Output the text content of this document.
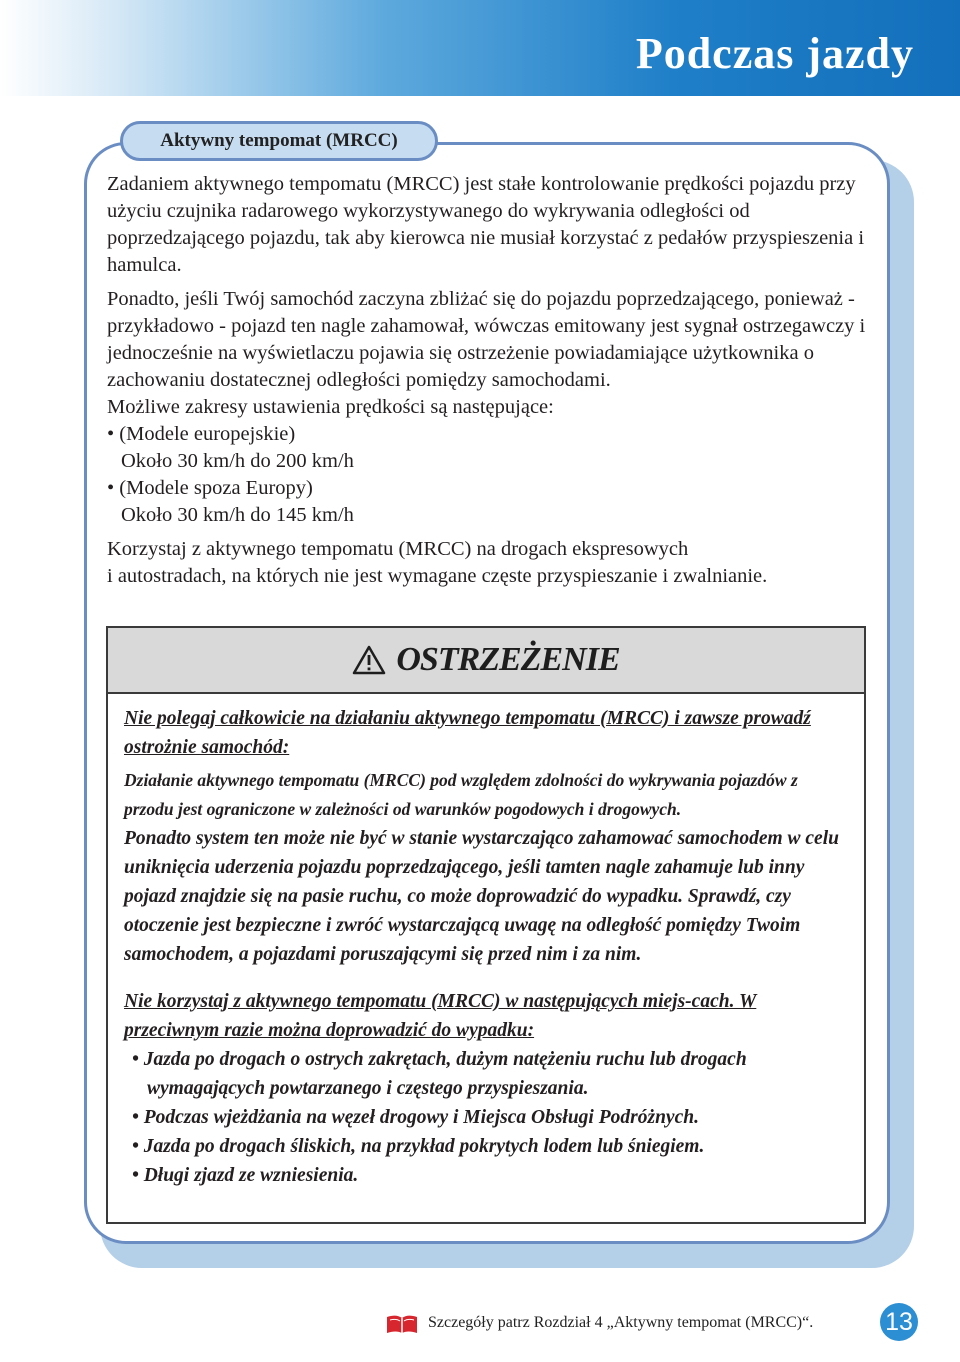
Podczas jazdy
Aktywny tempomat (MRCC)

Zadaniem aktywnego tempomatu (MRCC) jest stałe kontrolowanie prędkości pojazdu przy użyciu czujnika radarowego wykorzystywanego do wykrywania odległości od poprzedzającego pojazdu, tak aby kierowca nie musiał korzystać z pedałów przyspieszenia i hamulca.

Ponadto, jeśli Twój samochód zaczyna zbliżać się do pojazdu poprzedzającego, ponieważ - przykładowo - pojazd ten nagle zahamował, wówczas emitowany jest sygnał ostrzegawczy i jednocześnie na wyświetlaczu pojawia się ostrzeżenie powiadamiające użytkownika o zachowaniu dostatecznej odległości pomiędzy samochodami.

Możliwe zakresy ustawienia prędkości są następujące:

• (Modele europejskie)
Około 30 km/h do 200 km/h
• (Modele spoza Europy)
Około 30 km/h do 145 km/h
Korzystaj z aktywnego tempomatu (MRCC) na drogach ekspresowych
i autostradach, na których nie jest wymagane częste przyspieszanie i zwalnianie.
OSTRZEŻENIE

Nie polegaj całkowicie na działaniu aktywnego tempomatu (MRCC) i zawsze prowadź ostrożnie samochód:

Działanie aktywnego tempomatu (MRCC) pod względem zdolności do wykrywania pojazdów z przodu jest ograniczone w zależności od warunków pogodowych i drogowych.

Ponadto system ten może nie być w stanie wystarczająco zahamować samochodem w celu uniknięcia uderzenia pojazdu poprzedzającego, jeśli tamten nagle zahamuje lub inny pojazd znajdzie się na pasie ruchu, co może doprowadzić do wypadku. Sprawdź, czy otoczenie jest bezpieczne i zwróć wystarczającą uwagę na odległość pomiędzy Twoim samochodem, a pojazdami poruszającymi się przed nim i za nim.

Nie korzystaj z aktywnego tempomatu (MRCC) w następujących miejs-cach. W przeciwnym razie można doprowadzić do wypadku:

• Jazda po drogach o ostrych zakrętach, dużym natężeniu ruchu lub drogach wymagających powtarzanego i częstego przyspieszania.
• Podczas wjeżdżania na węzeł drogowy i Miejsca Obsługi Podróżnych.
• Jazda po drogach śliskich, na przykład pokrytych lodem lub śniegiem.
• Długi zjazd ze wzniesienia.
Szczegóły patrz Rozdział 4 „Aktywny tempomat (MRCC)“.	13
